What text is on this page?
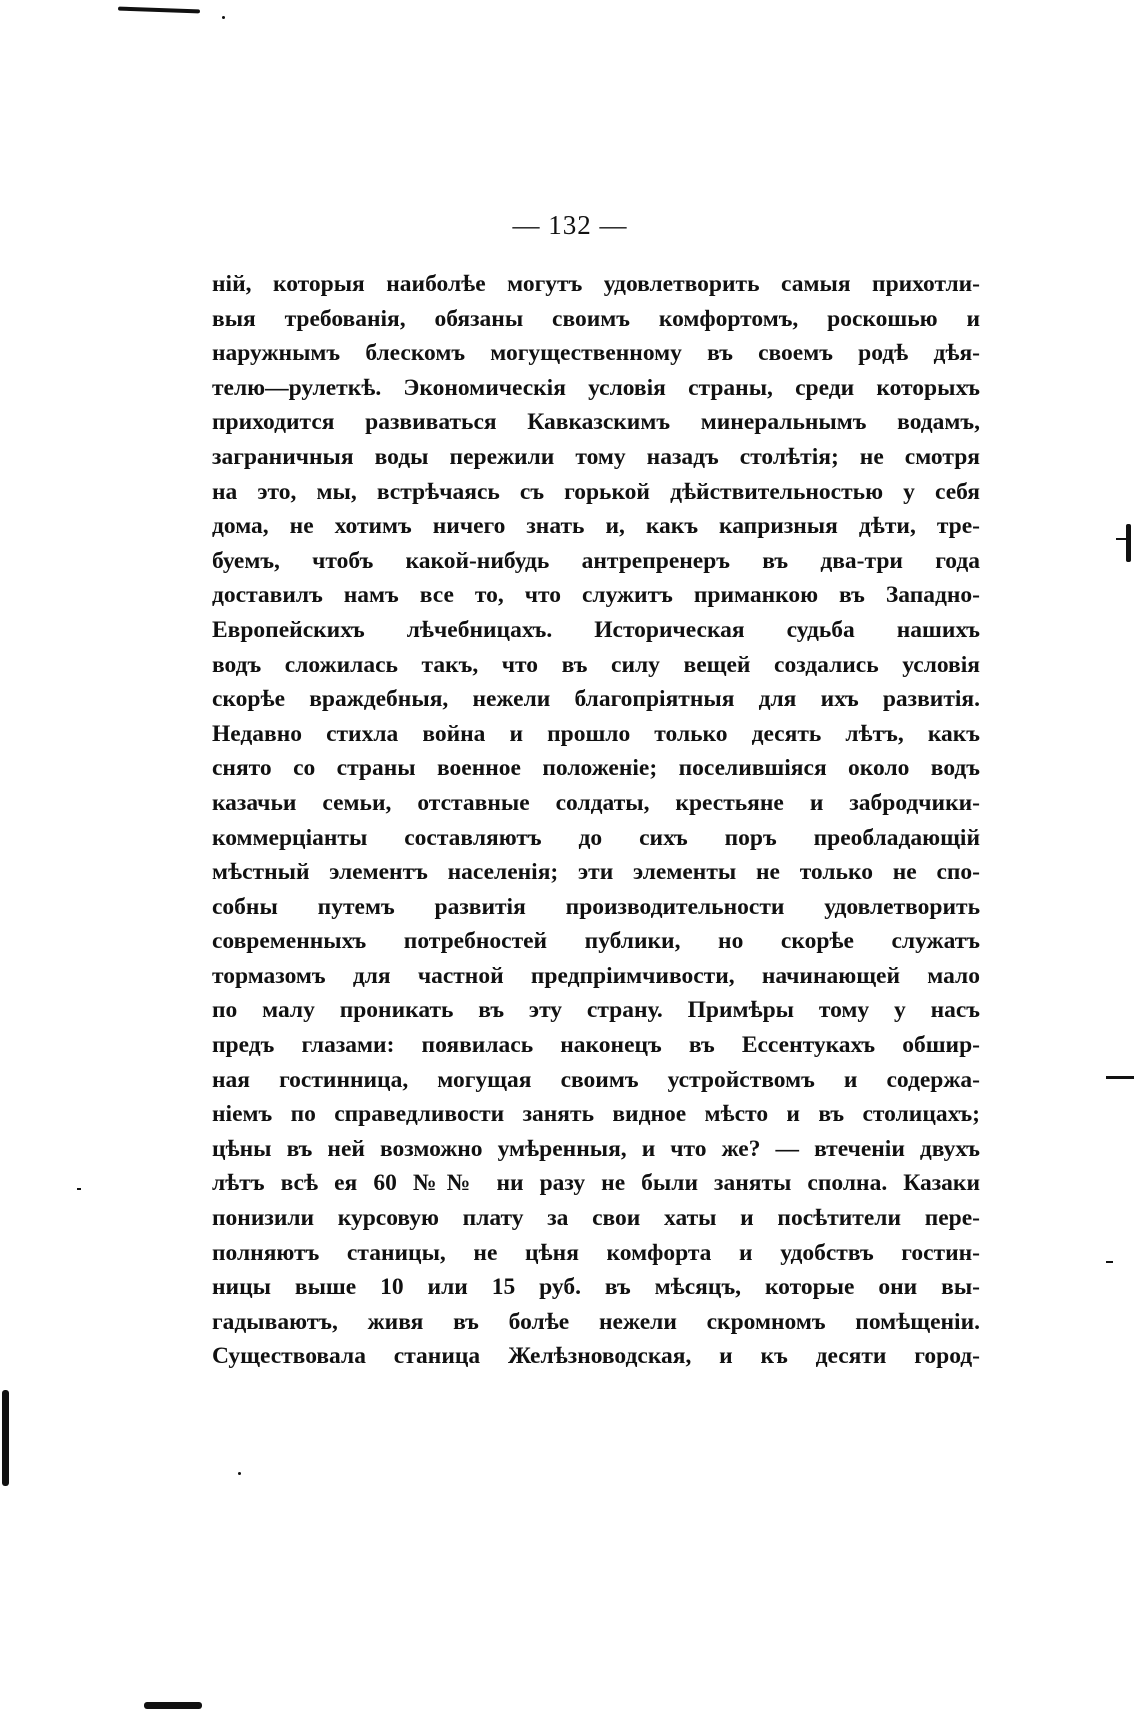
— 132 —
ній, которыя наиболѣе могутъ удовлетворить самыя прихотли-
выя требованія, обязаны своимъ комфортомъ, роскошью и
наружнымъ блескомъ могущественному въ своемъ родѣ дѣя-
телю—рулеткѣ. Экономическія условія страны, среди которыхъ
приходится развиваться Кавказскимъ минеральнымъ водамъ,
заграничныя воды пережили тому назадъ столѣтія; не смотря
на это, мы, встрѣчаясь съ горькой дѣйствительностью у себя
дома, не хотимъ ничего знать и, какъ капризныя дѣти, тре-
буемъ, чтобъ какой-нибудь антрепренеръ въ два-три года
доставилъ намъ все то, что служитъ приманкою въ Западно-
Европейскихъ лѣчебницахъ. Историческая судьба нашихъ
водъ сложилась такъ, что въ силу вещей создались условія
скорѣе враждебныя, нежели благопріятныя для ихъ развитія.
Недавно стихла война и прошло только десять лѣтъ, какъ
снято со страны военное положеніе; поселившіяся около водъ
казачьи семьи, отставные солдаты, крестьяне и забродчики-
коммерціанты составляютъ до сихъ поръ преобладающій
мѣстный элементъ населенія; эти элементы не только не спо-
собны путемъ развитія производительности удовлетворить
современныхъ потребностей публики, но скорѣе служатъ
тормазомъ для частной предпріимчивости, начинающей мало
по малу проникать въ эту страну. Примѣры тому у насъ
предъ глазами: появилась наконецъ въ Ессентукахъ обшир-
ная гостинница, могущая своимъ устройствомъ и содержа-
ніемъ по справедливости занять видное мѣсто и въ столицахъ;
цѣны въ ней возможно умѣренныя, и что же? — втеченіи двухъ
лѣтъ всѣ ея 60 №№ ни разу не были заняты сполна. Казаки
понизили курсовую плату за свои хаты и посѣтители пере-
полняютъ станицы, не цѣня комфорта и удобствъ гостин-
ницы выше 10 или 15 руб. въ мѣсяцъ, которые они вы-
гадываютъ, живя въ болѣе нежели скромномъ помѣщеніи.
Существовала станица Желѣзноводская, и къ десяти город-
